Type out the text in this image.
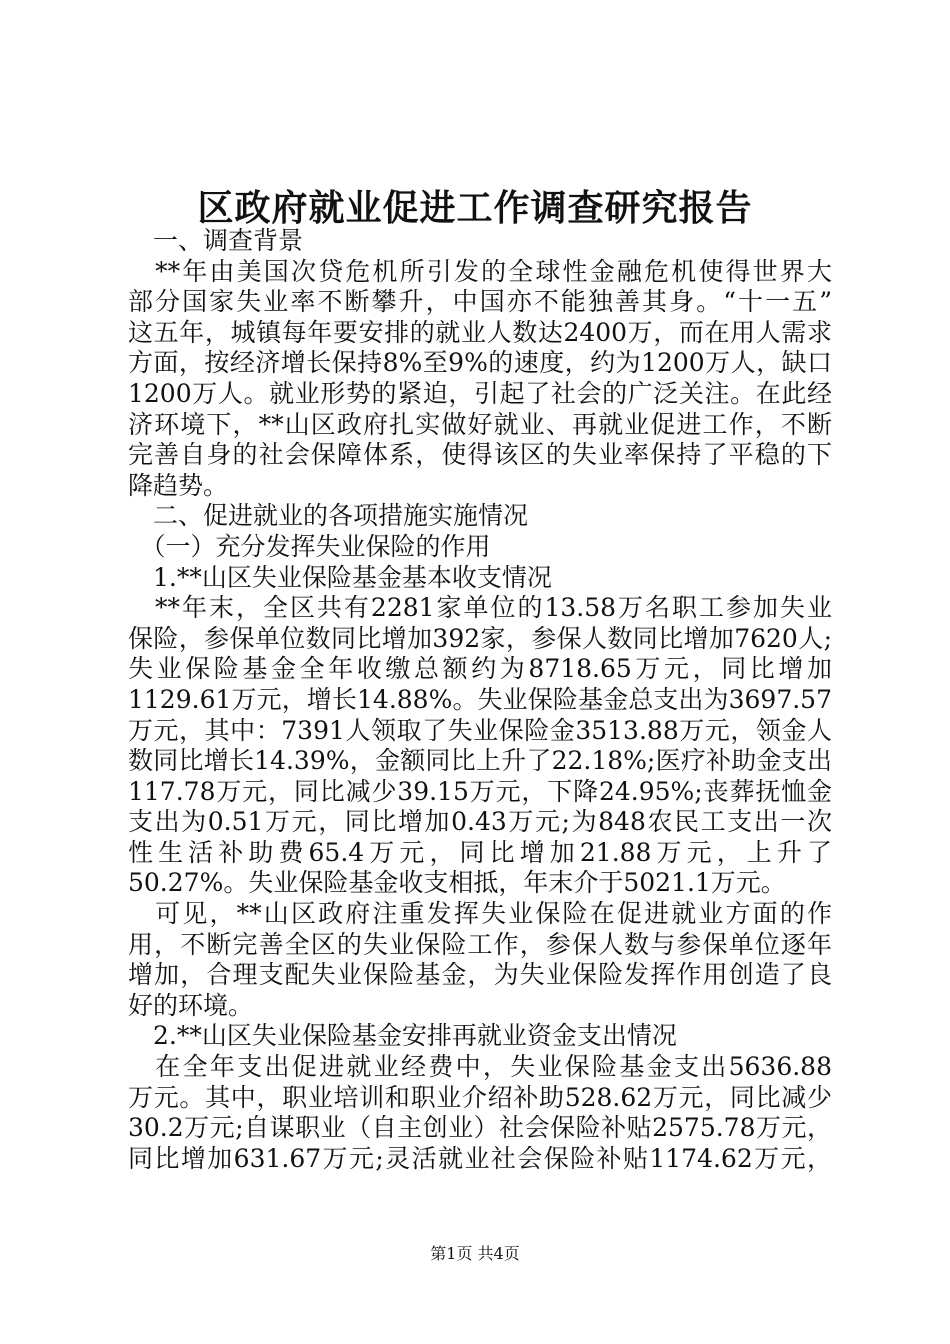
区政府就业促进工作调查研究报告
　一、调查背景
　**年由美国次贷危机所引发的全球性金融危机使得世界大
部分国家失业率不断攀升，中国亦不能独善其身。“十一五”
这五年，城镇每年要安排的就业人数达2400万，而在用人需求
方面，按经济增长保持8%至9%的速度，约为1200万人，缺口
1200万人。就业形势的紧迫，引起了社会的广泛关注。在此经
济环境下，**山区政府扎实做好就业、再就业促进工作，不断
完善自身的社会保障体系，使得该区的失业率保持了平稳的下
降趋势。
　二、促进就业的各项措施实施情况
　（一）充分发挥失业保险的作用
　1.**山区失业保险基金基本收支情况
　**年末，全区共有2281家单位的13.58万名职工参加失业
保险，参保单位数同比增加392家，参保人数同比增加7620人;
失业保险基金全年收缴总额约为8718.65万元，同比增加
1129.61万元，增长14.88%。失业保险基金总支出为3697.57
万元，其中：7391人领取了失业保险金3513.88万元，领金人
数同比增长14.39%，金额同比上升了22.18%;医疗补助金支出
117.78万元，同比减少39.15万元，下降24.95%;丧葬抚恤金
支出为0.51万元，同比增加0.43万元;为848农民工支出一次
性生活补助费65.4万元，同比增加21.88万元，上升了
50.27%。失业保险基金收支相抵，年末介于5021.1万元。
　可见，**山区政府注重发挥失业保险在促进就业方面的作
用，不断完善全区的失业保险工作，参保人数与参保单位逐年
增加，合理支配失业保险基金，为失业保险发挥作用创造了良
好的环境。
　2.**山区失业保险基金安排再就业资金支出情况
　在全年支出促进就业经费中，失业保险基金支出5636.88
万元。其中，职业培训和职业介绍补助528.62万元，同比减少
30.2万元;自谋职业（自主创业）社会保险补贴2575.78万元，
同比增加631.67万元;灵活就业社会保险补贴1174.62万元，
第1页 共4页
